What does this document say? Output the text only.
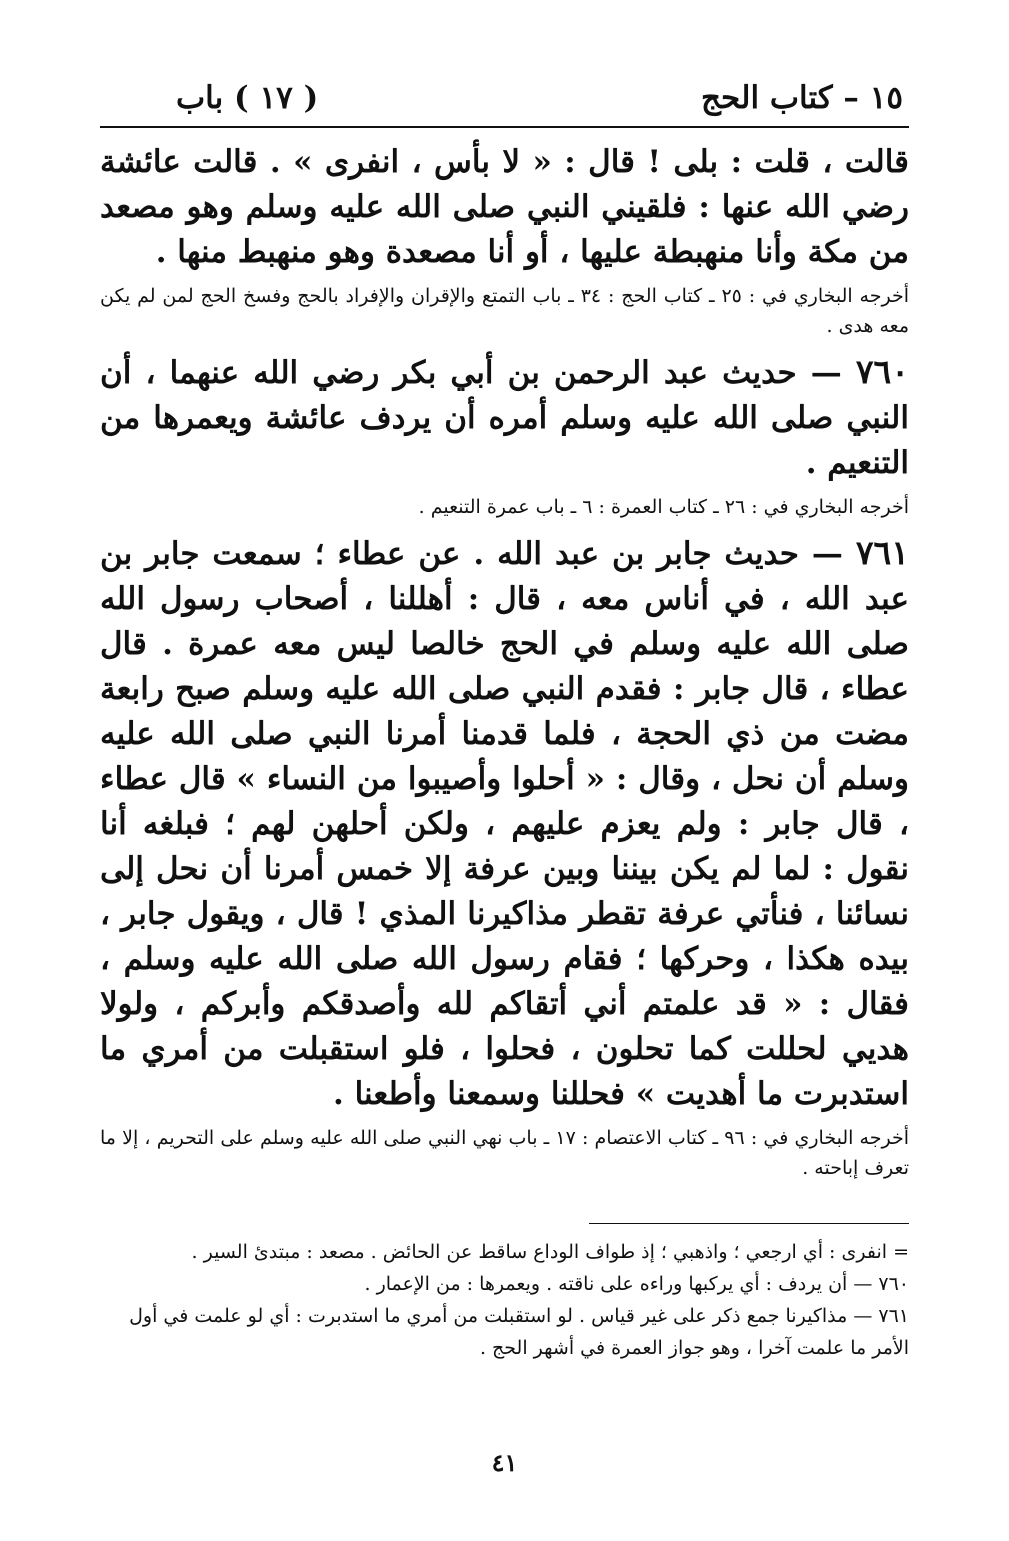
١٥ – كتاب الحج
( ١٧ ) باب

قالت ، قلت : بلى ! قال : « لا بأس ، انفرى » . قالت عائشة رضي الله عنها : فلقيني النبي صلى الله عليه وسلم وهو مصعد من مكة وأنا منهبطة عليها ، أو أنا مصعدة وهو منهبط منها .

أخرجه البخاري في : ٢٥ ـ كتاب الحج : ٣٤ ـ باب التمتع والإقران والإفراد بالحج وفسخ الحج لمن لم يكن معه هدى .

٧٦٠ — حديث عبد الرحمن بن أبي بكر رضي الله عنهما ، أن النبي صلى الله عليه وسلم أمره أن يردف عائشة ويعمرها من التنعيم .

أخرجه البخاري في : ٢٦ ـ كتاب العمرة : ٦ ـ باب عمرة التنعيم .

٧٦١ — حديث جابر بن عبد الله . عن عطاء ؛ سمعت جابر بن عبد الله ، في أناس معه ، قال : أهللنا ، أصحاب رسول الله صلى الله عليه وسلم في الحج خالصا ليس معه عمرة . قال عطاء ، قال جابر : فقدم النبي صلى الله عليه وسلم صبح رابعة مضت من ذي الحجة ، فلما قدمنا أمرنا النبي صلى الله عليه وسلم أن نحل ، وقال : « أحلوا وأصيبوا من النساء » قال عطاء ، قال جابر : ولم يعزم عليهم ، ولكن أحلهن لهم ؛ فبلغه أنا نقول : لما لم يكن بيننا وبين عرفة إلا خمس أمرنا أن نحل إلى نسائنا ، فنأتي عرفة تقطر مذاكيرنا المذي ! قال ، ويقول جابر ، بيده هكذا ، وحركها ؛ فقام رسول الله صلى الله عليه وسلم ، فقال : « قد علمتم أني أتقاكم لله وأصدقكم وأبركم ، ولولا هديي لحللت كما تحلون ، فحلوا ، فلو استقبلت من أمري ما استدبرت ما أهديت » فحللنا وسمعنا وأطعنا .

أخرجه البخاري في : ٩٦ ـ كتاب الاعتصام : ١٧ ـ باب نهي النبي صلى الله عليه وسلم على التحريم ، إلا ما تعرف إباحته .

= انفرى : أي ارجعي ؛ واذهبي ؛ إذ طواف الوداع ساقط عن الحائض . مصعد : مبتدئ السير .

٧٦٠ — أن يردف : أي يركبها وراءه على ناقته . ويعمرها : من الإعمار .

٧٦١ — مذاكيرنا جمع ذكر على غير قياس . لو استقبلت من أمري ما استدبرت : أي لو علمت في أول الأمر ما علمت آخرا ، وهو جواز العمرة في أشهر الحج .

٤١
